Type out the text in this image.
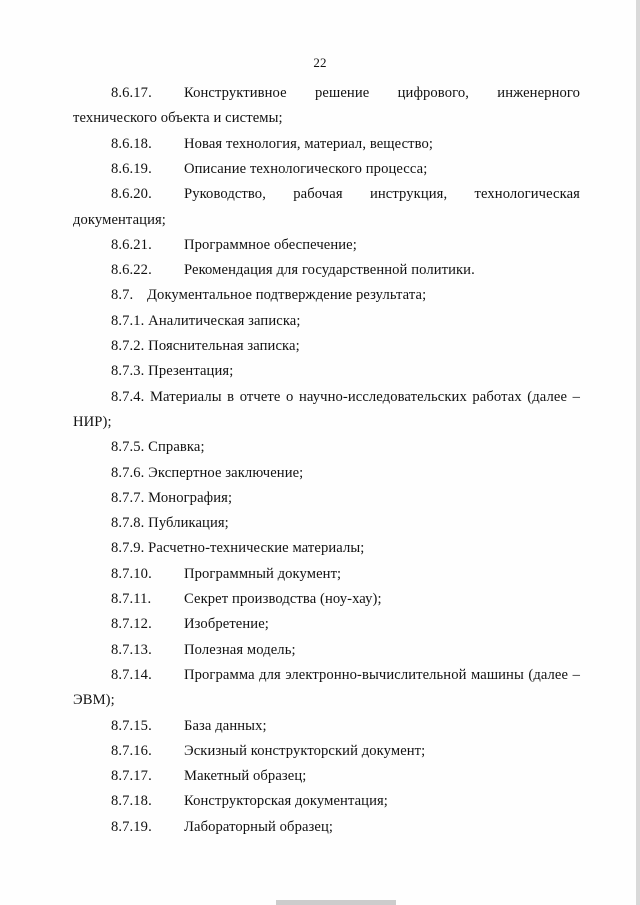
22
8.6.17. Конструктивное решение цифрового, инженерного
технического объекта и системы;
8.6.18. Новая технология, материал, вещество;
8.6.19. Описание технологического процесса;
8.6.20. Руководство, рабочая инструкция, технологическая
документация;
8.6.21. Программное обеспечение;
8.6.22. Рекомендация для государственной политики.
8.7. Документальное подтверждение результата;
8.7.1. Аналитическая записка;
8.7.2. Пояснительная записка;
8.7.3. Презентация;
8.7.4. Материалы в отчете о научно-исследовательских работах (далее –
НИР);
8.7.5. Справка;
8.7.6. Экспертное заключение;
8.7.7. Монография;
8.7.8. Публикация;
8.7.9. Расчетно-технические материалы;
8.7.10. Программный документ;
8.7.11. Секрет производства (ноу-хау);
8.7.12. Изобретение;
8.7.13. Полезная модель;
8.7.14. Программа для электронно-вычислительной машины (далее –
ЭВМ);
8.7.15. База данных;
8.7.16. Эскизный конструкторский документ;
8.7.17. Макетный образец;
8.7.18. Конструкторская документация;
8.7.19. Лабораторный образец;
